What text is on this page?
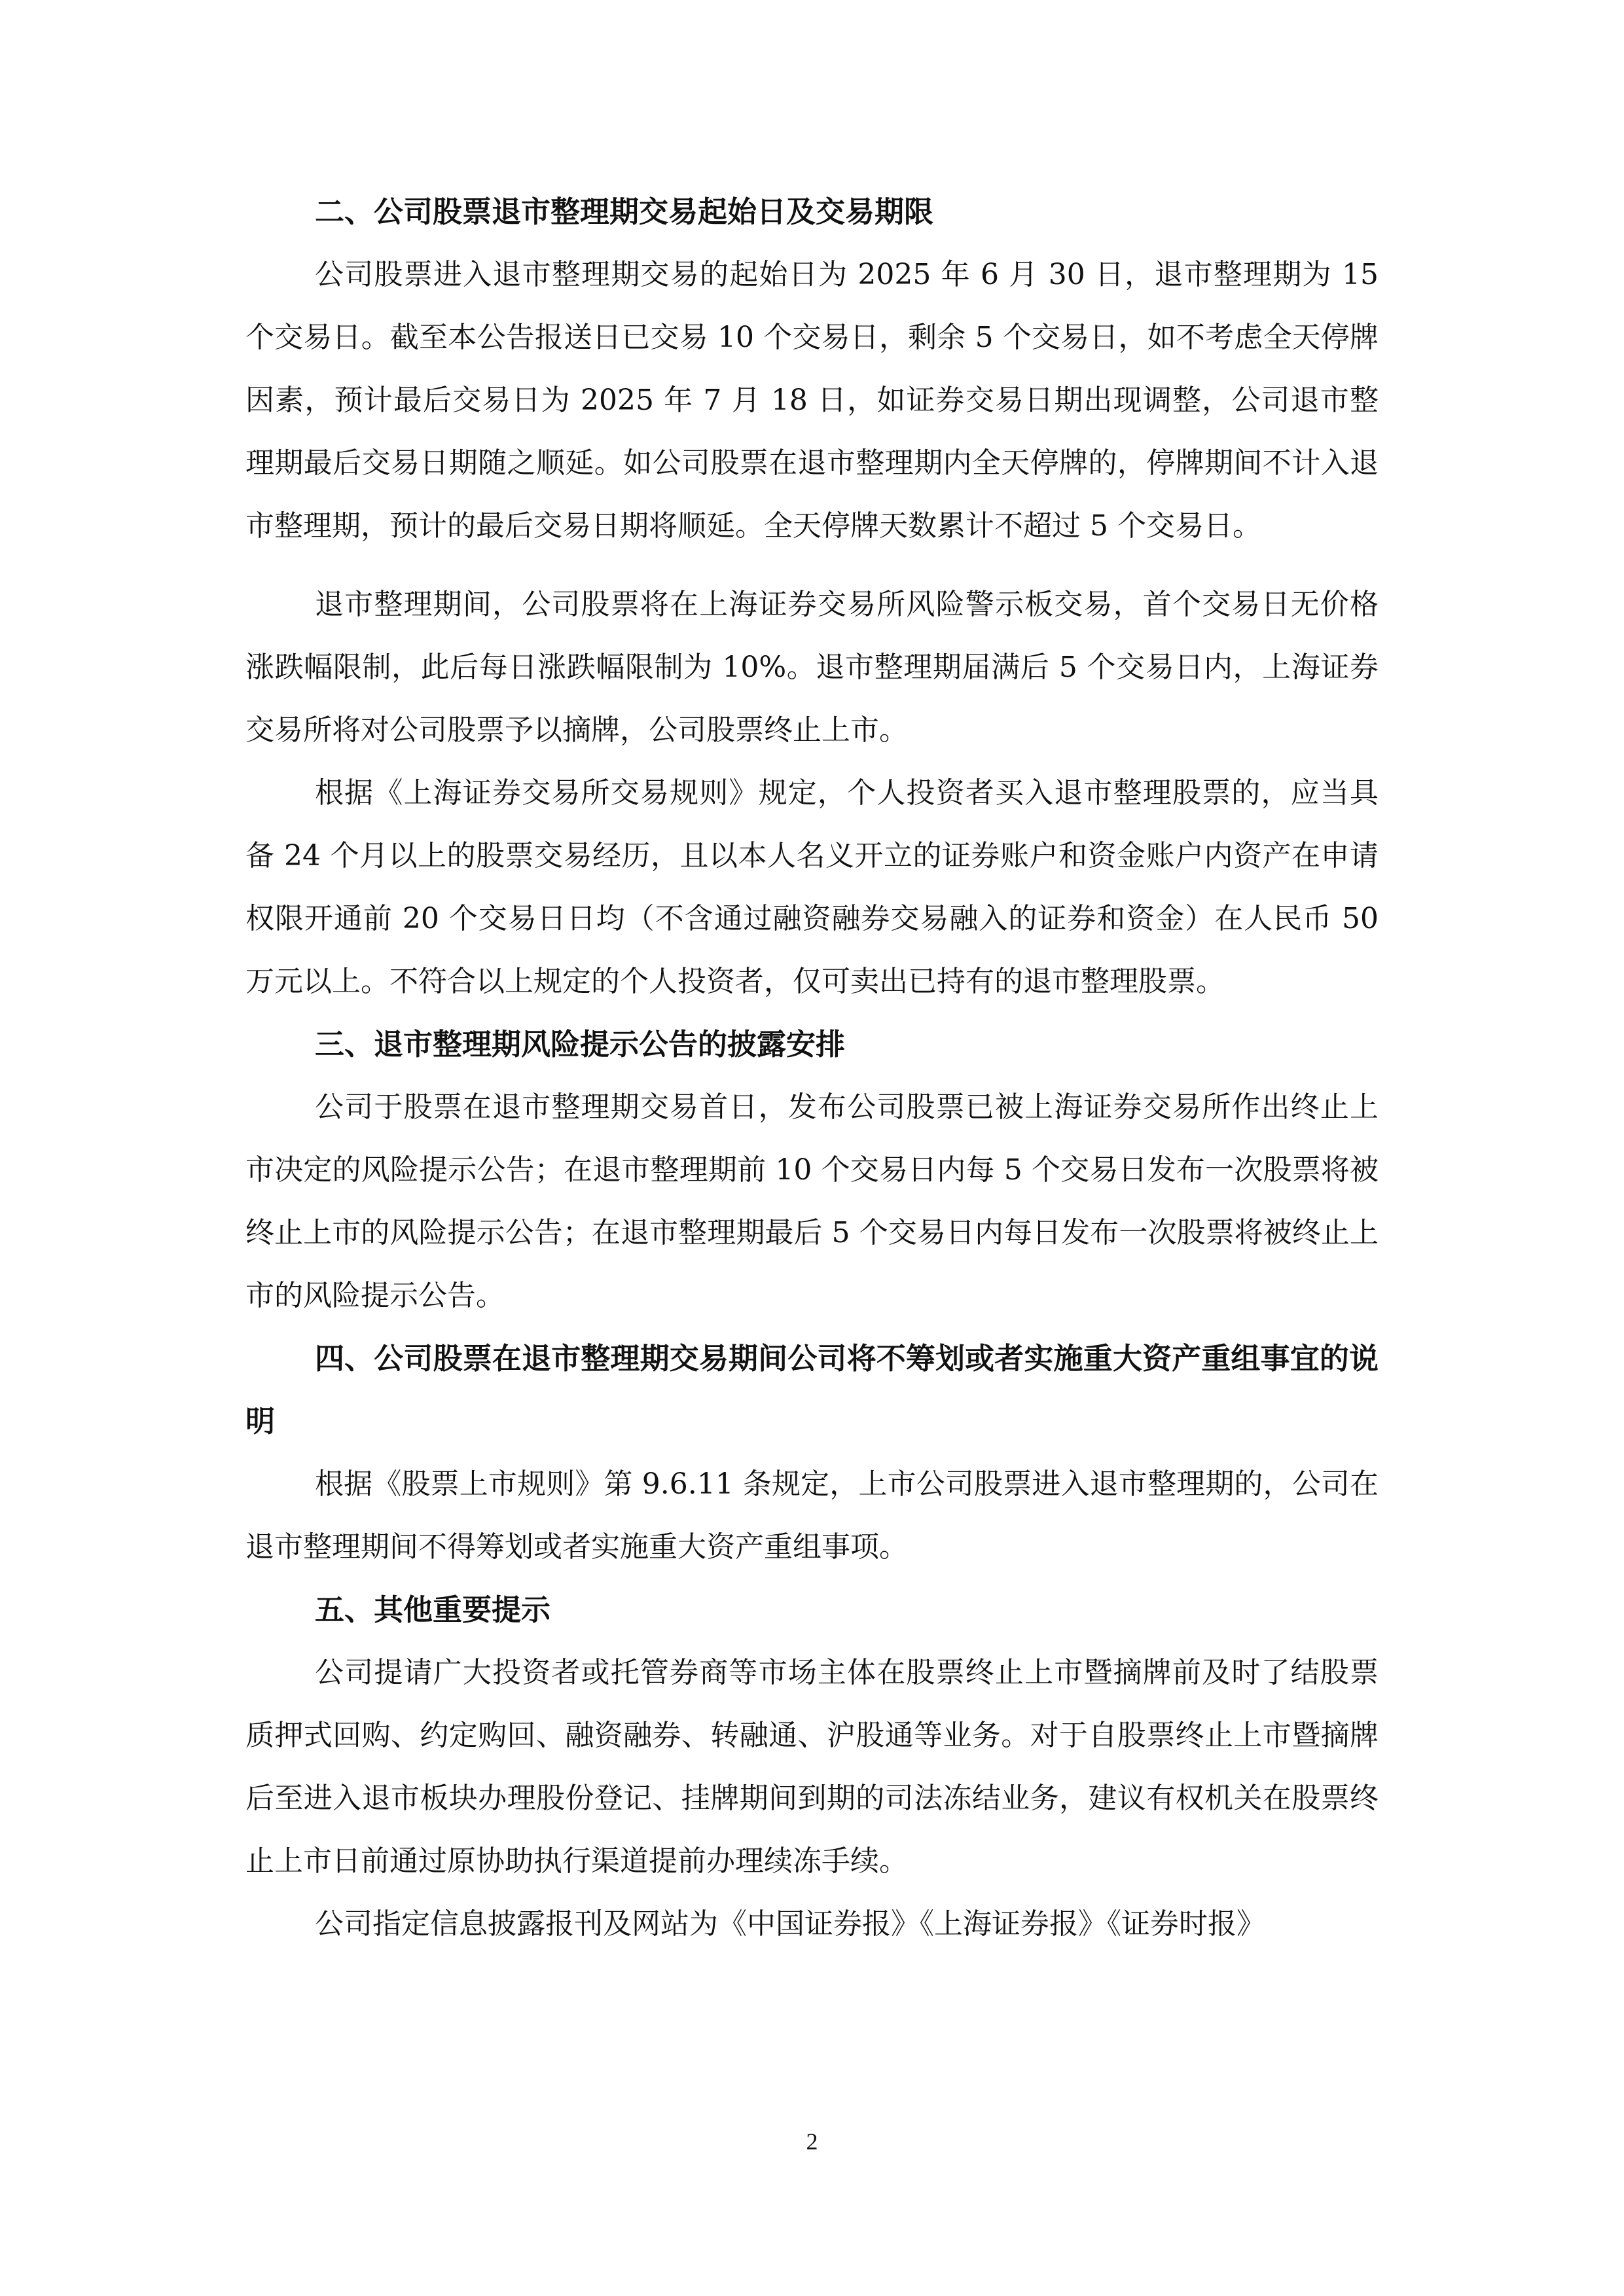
二、公司股票退市整理期交易起始日及交易期限

公司股票进入退市整理期交易的起始日为 2025 年 6 月 30 日，退市整理期为 15 个交易日。截至本公告报送日已交易 10 个交易日，剩余 5 个交易日，如不考虑全天停牌因素，预计最后交易日为 2025 年 7 月 18 日，如证券交易日期出现调整，公司退市整理期最后交易日期随之顺延。如公司股票在退市整理期内全天停牌的，停牌期间不计入退市整理期，预计的最后交易日期将顺延。全天停牌天数累计不超过 5 个交易日。

退市整理期间，公司股票将在上海证券交易所风险警示板交易，首个交易日无价格涨跌幅限制，此后每日涨跌幅限制为 10%。退市整理期届满后 5 个交易日内，上海证券交易所将对公司股票予以摘牌，公司股票终止上市。

根据《上海证券交易所交易规则》规定，个人投资者买入退市整理股票的，应当具备 24 个月以上的股票交易经历，且以本人名义开立的证券账户和资金账户内资产在申请权限开通前 20 个交易日日均（不含通过融资融券交易融入的证券和资金）在人民币 50 万元以上。不符合以上规定的个人投资者，仅可卖出已持有的退市整理股票。

三、退市整理期风险提示公告的披露安排

公司于股票在退市整理期交易首日，发布公司股票已被上海证券交易所作出终止上市决定的风险提示公告；在退市整理期前 10 个交易日内每 5 个交易日发布一次股票将被终止上市的风险提示公告；在退市整理期最后 5 个交易日内每日发布一次股票将被终止上市的风险提示公告。

四、公司股票在退市整理期交易期间公司将不筹划或者实施重大资产重组事宜的说明

根据《股票上市规则》第 9.6.11 条规定，上市公司股票进入退市整理期的，公司在退市整理期间不得筹划或者实施重大资产重组事项。

五、其他重要提示

公司提请广大投资者或托管券商等市场主体在股票终止上市暨摘牌前及时了结股票质押式回购、约定购回、融资融券、转融通、沪股通等业务。对于自股票终止上市暨摘牌后至进入退市板块办理股份登记、挂牌期间到期的司法冻结业务，建议有权机关在股票终止上市日前通过原协助执行渠道提前办理续冻手续。

公司指定信息披露报刊及网站为《中国证券报》《上海证券报》《证券时报》

2
